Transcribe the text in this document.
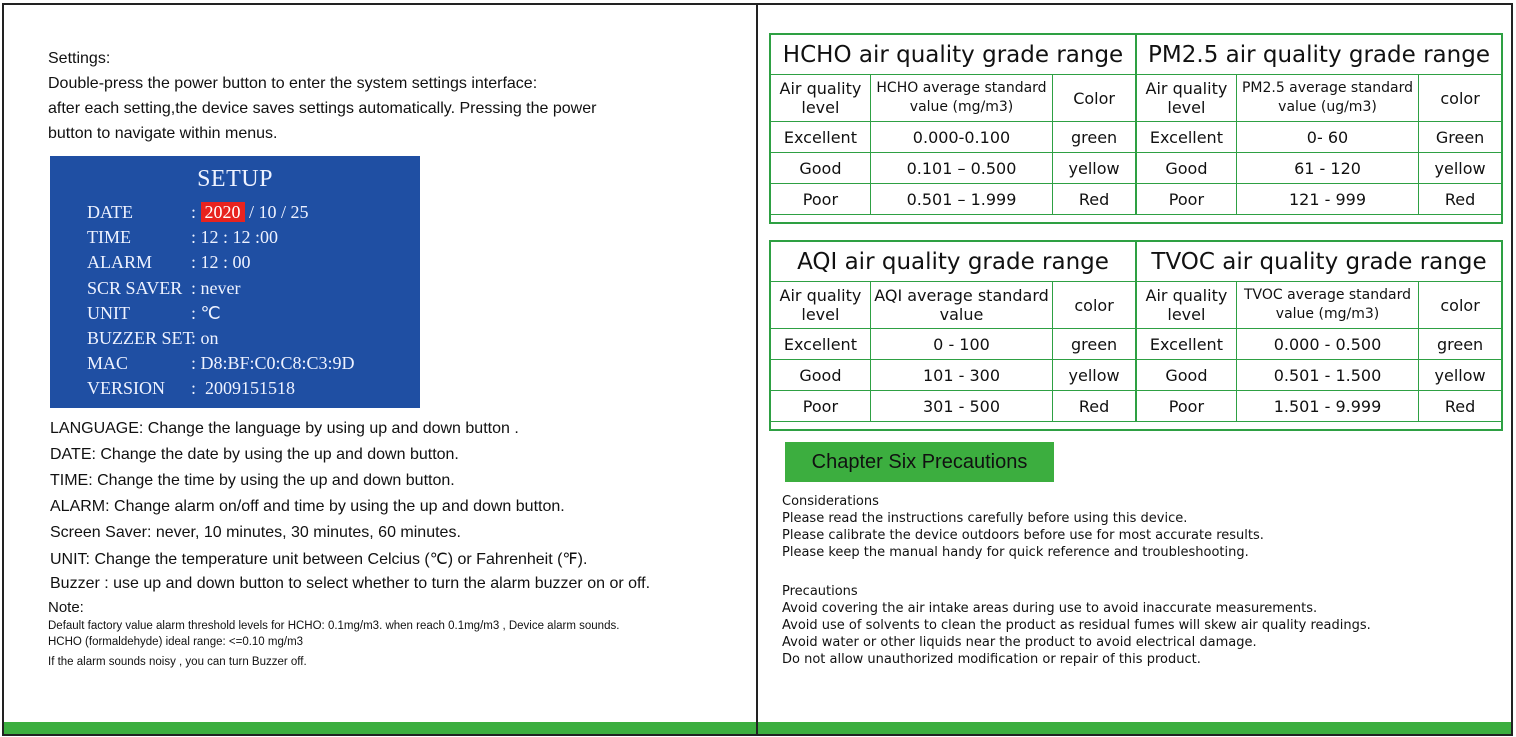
Settings:

Double-press the power button to enter the system settings interface:

after each setting,the device saves settings automatically. Pressing the power

button to navigate within menus.

SETUP
DATE	: 2020 / 10 / 25
TIME	: 12 : 12 :00
ALARM : 12 : 00
SCR SAVER : never
UNIT	: ℃
BUZZER SET: on
MAC	: D8:BF:C0:C8:C3:9D
VERSION :  2009151518
LANGUAGE: Change the language by using up and down button .
DATE: Change the date by using the up and down button.
TIME: Change the time by using the up and down button.
ALARM: Change alarm on/off and time by using the up and down button.
Screen Saver: never, 10 minutes, 30 minutes, 60 minutes.
UNIT: Change the temperature unit between Celcius (℃) or Fahrenheit (℉).
Buzzer : use up and down button to select whether to turn the alarm buzzer on or off.
Note:
Default factory value alarm threshold levels for HCHO: 0.1mg/m3. when reach 0.1mg/m3 , Device alarm sounds.
HCHO (formaldehyde) ideal range: <=0.10 mg/m3
If the alarm sounds noisy , you can turn Buzzer off.
HCHO air quality grade range		
Air quality level	HCHO average standard value (mg/m3)	Color
Excellent	0.000-0.100	green
Good	0.101 – 0.500	yellow
Poor	0.501 – 1.999	Red
PM2.5 air quality grade range		
Air quality level	PM2.5 average standard value (ug/m3)	color
Excellent	0- 60	Green
Good	61 - 120	yellow
Poor	121 - 999	Red
AQI air quality grade range		
Air quality level	AQI average standard value	color
Excellent	0 - 100	green
Good	101 - 300	yellow
Poor	301 - 500	Red
TVOC air quality grade range		
Air quality level	TVOC average standard value (mg/m3)	color
Excellent	0.000 - 0.500	green
Good	0.501 - 1.500	yellow
Poor	1.501 - 9.999	Red
Chapter Six Precautions

Considerations

Please read the instructions carefully before using this device.

Please calibrate the device outdoors before use for most accurate results.

Please keep the manual handy for quick reference and troubleshooting.

Precautions

Avoid covering the air intake areas during use to avoid inaccurate measurements.

Avoid use of solvents to clean the product as residual fumes will skew air quality readings.

Avoid water or other liquids near the product to avoid electrical damage.

Do not allow unauthorized modification or repair of this product.
